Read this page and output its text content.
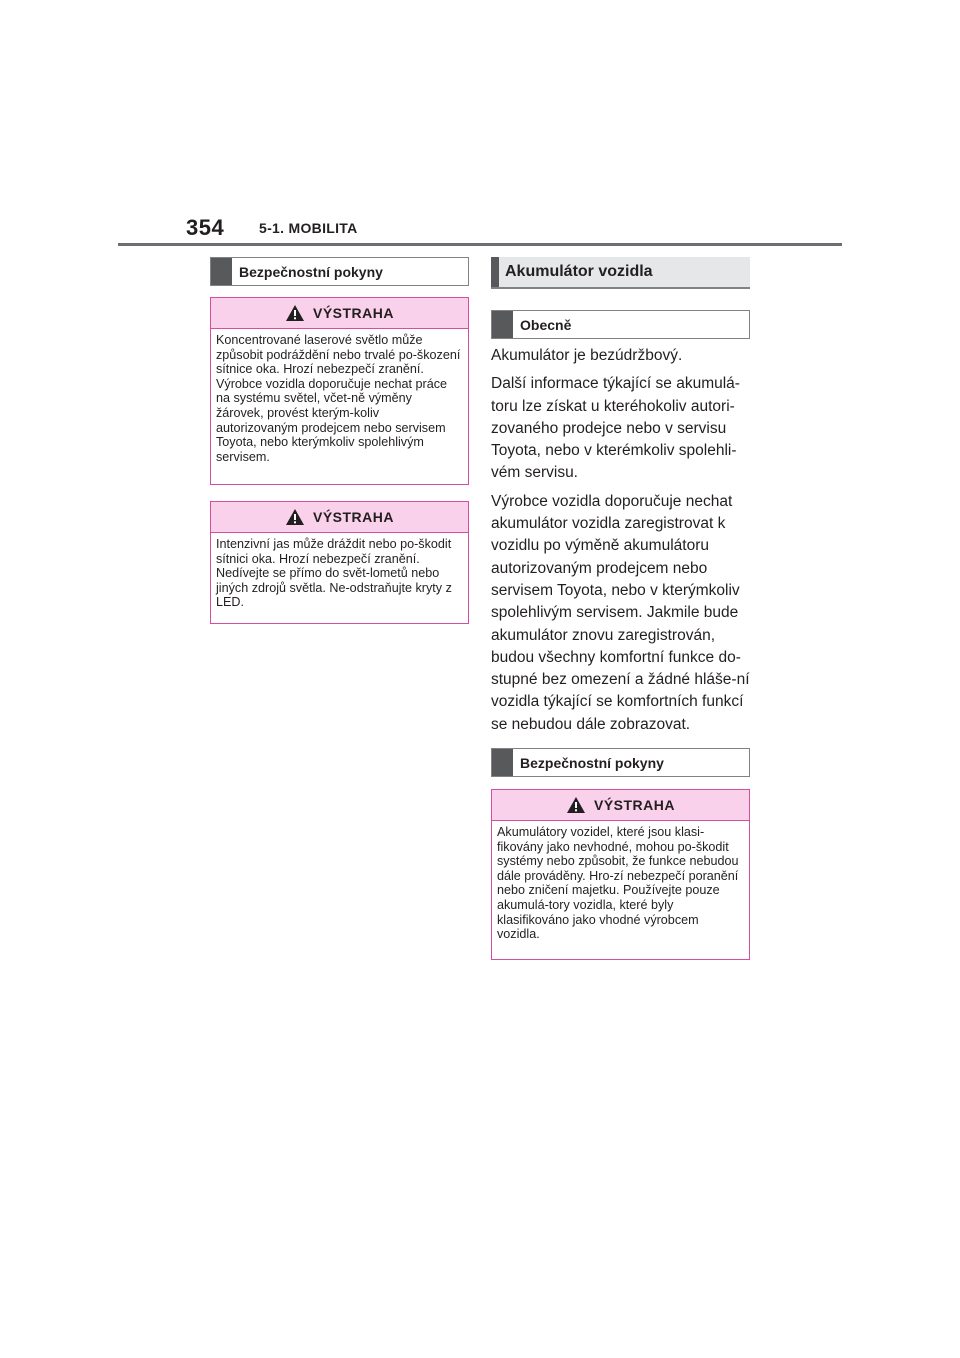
354 5-1. MOBILITA
Bezpečnostní pokyny
VÝSTRAHA

Koncentrované laserové světlo může způsobit podráždění nebo trvalé po-škození sítnice oka. Hrozí nebezpečí zranění. Výrobce vozidla doporučuje nechat práce na systému světel, včet-ně výměny žárovek, provést kterým-koliv autorizovaným prodejcem nebo servisem Toyota, nebo kterýmkoliv spolehlivým servisem.

VÝSTRAHA

Intenzivní jas může dráždit nebo po-škodit sítnici oka. Hrozí nebezpečí zranění. Nedívejte se přímo do svět-lometů nebo jiných zdrojů světla. Ne-odstraňujte kryty z LED.

Akumulátor vozidla
Obecně

Akumulátor je bezúdržbový.

Další informace týkající se akumulá-toru lze získat u kteréhokoliv autori-zovaného prodejce nebo v servisu Toyota, nebo v kterémkoliv spolehli-vém servisu.

Výrobce vozidla doporučuje nechat akumulátor vozidla zaregistrovat k vozidlu po výměně akumulátoru autorizovaným prodejcem nebo servisem Toyota, nebo v kterýmkoliv spolehlivým servisem. Jakmile bude akumulátor znovu zaregistrován, budou všechny komfortní funkce do-stupné bez omezení a žádné hláše-ní vozidla týkající se komfortních funkcí se nebudou dále zobrazovat.

Bezpečnostní pokyny
VÝSTRAHA

Akumulátory vozidel, které jsou klasi-fikovány jako nevhodné, mohou po-škodit systémy nebo způsobit, že funkce nebudou dále prováděny. Hro-zí nebezpečí poranění nebo zničení majetku. Používejte pouze akumulá-tory vozidla, které byly klasifikováno jako vhodné výrobcem vozidla.
